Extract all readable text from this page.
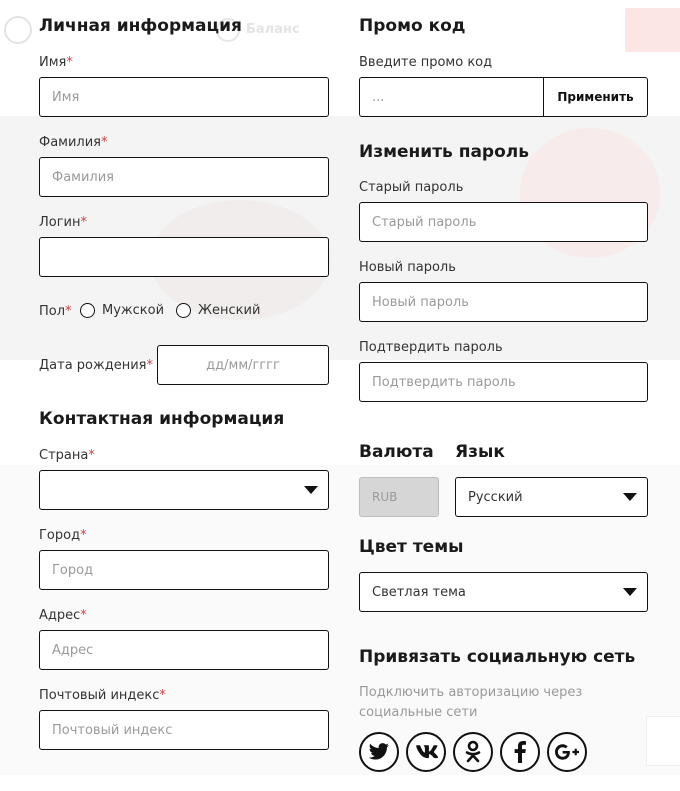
Баланс
Личная информация
Имя*
Имя
Фамилия*
Фамилия
Логин*
Пол* Мужской	Женский
Дата рождения*	дд/мм/гггг
Контактная информация
Страна*
Город*
Город
Адрес*
Адрес
Почтовый индекс*
Почтовый индекс
Промо код
Введите промо код
...	Применить
Изменить пароль
Старый пароль
Старый пароль
Новый пароль
Новый пароль
Подтвердить пароль
Подтвердить пароль
Валюта Язык
RUB	Русский
Цвет темы
Светлая тема
Привязать социальную сеть
Подключить авторизацию через социальные сети
